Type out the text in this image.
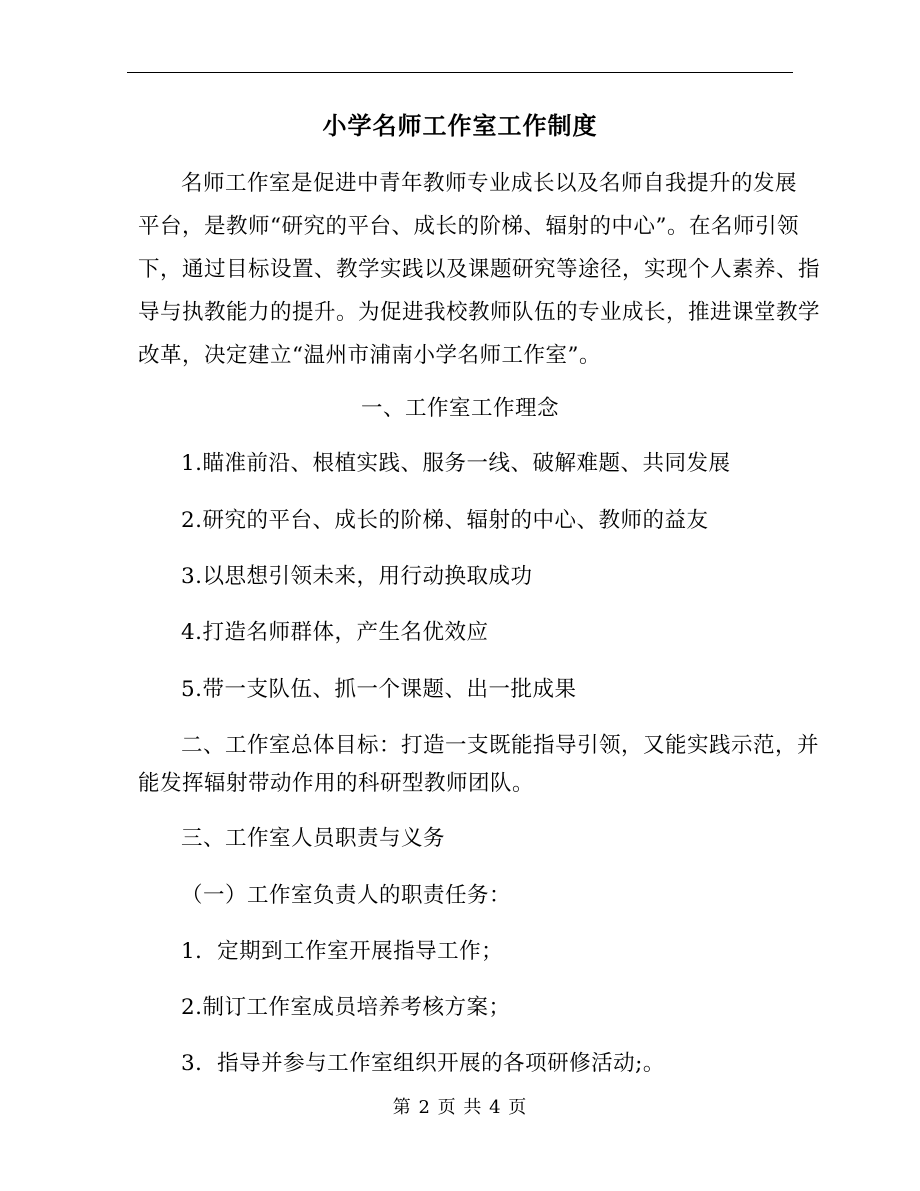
小学名师工作室工作制度
名师工作室是促进中青年教师专业成长以及名师自我提升的发展
平台，是教师“研究的平台、成长的阶梯、辐射的中心”。在名师引领
下，通过目标设置、教学实践以及课题研究等途径，实现个人素养、指
导与执教能力的提升。为促进我校教师队伍的专业成长，推进课堂教学
改革，决定建立“温州市浦南小学名师工作室”。
一、工作室工作理念
1.瞄准前沿、根植实践、服务一线、破解难题、共同发展
2.研究的平台、成长的阶梯、辐射的中心、教师的益友
3.以思想引领未来，用行动换取成功
4.打造名师群体，产生名优效应
5.带一支队伍、抓一个课题、出一批成果
二、工作室总体目标：打造一支既能指导引领，又能实践示范，并
能发挥辐射带动作用的科研型教师团队。
三、工作室人员职责与义务
（一）工作室负责人的职责任务：
1．定期到工作室开展指导工作；
2.制订工作室成员培养考核方案；
3．指导并参与工作室组织开展的各项研修活动;。
第 2 页 共 4 页
